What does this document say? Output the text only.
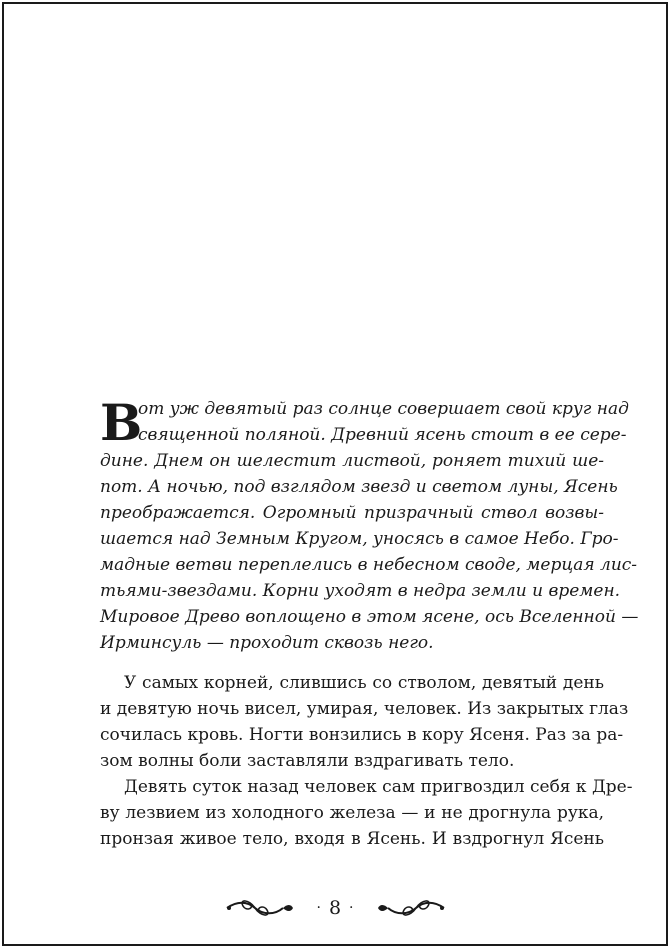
В
от уж девятый раз солнце совершает свой круг над
священной поляной. Древний ясень стоит в ее сере-
дине. Днем он шелестит листвой, роняет тихий ше-
пот. А ночью, под взглядом звезд и светом луны, Ясень
преображается. Огромный призрачный ствол возвы-
шается над Земным Кругом, уносясь в самое Небо. Гро-
мадные ветви переплелись в небесном своде, мерцая лис-
тьями-звездами. Корни уходят в недра земли и времен.
Мировое Древо воплощено в этом ясене, ось Вселенной —
Ирминсуль — проходит сквозь него.
У самых корней, слившись со стволом, девятый день
и девятую ночь висел, умирая, человек. Из закрытых глаз
сочилась кровь. Ногти вонзились в кору Ясеня. Раз за ра-
зом волны боли заставляли вздрагивать тело.
Девять суток назад человек сам пригвоздил себя к Дре-
ву лезвием из холодного железа — и не дрогнула рука,
пронзая живое тело, входя в Ясень. И вздрогнул Ясень
· 8 ·
